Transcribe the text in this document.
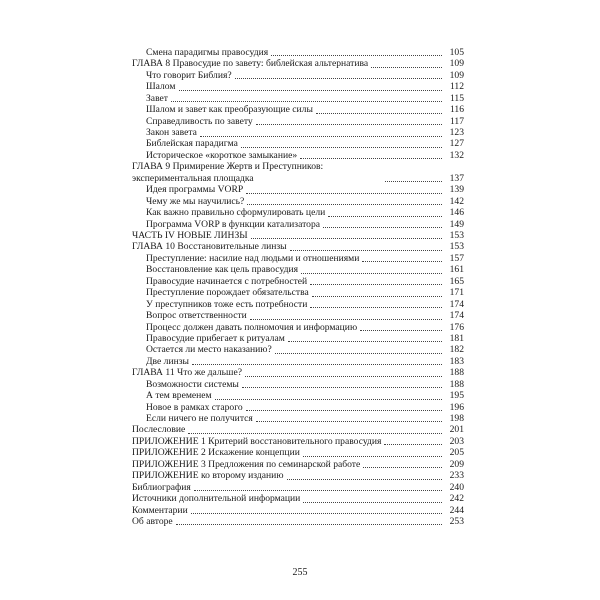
Смена парадигмы правосудия	105
ГЛАВА 8 Правосудие по завету: библейская альтернатива	109
Что говорит Библия?	109
Шалом	112
Завет	115
Шалом и завет как преобразующие силы	116
Справедливость по завету	117
Закон завета	123
Библейская парадигма	127
Историческое «короткое замыкание»	132
ГЛАВА 9 Примирение Жертв и Преступников: экспериментальная площадка	137
Идея программы VORP	139
Чему же мы научились?	142
Как важно правильно сформулировать цели	146
Программа VORP в функции катализатора	149
ЧАСТЬ IV НОВЫЕ ЛИНЗЫ	153
ГЛАВА 10 Восстановительные линзы	153
Преступление: насилие над людьми и отношениями	157
Восстановление как цель правосудия	161
Правосудие начинается с потребностей	165
Преступление порождает обязательства	171
У преступников тоже есть потребности	174
Вопрос ответственности	174
Процесс должен давать полномочия и информацию	176
Правосудие прибегает к ритуалам	181
Остается ли место наказанию?	182
Две линзы	183
ГЛАВА 11 Что же дальше?	188
Возможности системы	188
А тем временем	195
Новое в рамках старого	196
Если ничего не получится	198
Послесловие	201
ПРИЛОЖЕНИЕ 1 Критерий восстановительного правосудия	203
ПРИЛОЖЕНИЕ 2 Искажение концепции	205
ПРИЛОЖЕНИЕ 3 Предложения по семинарской работе	209
ПРИЛОЖЕНИЕ ко второму изданию	233
Библиография	240
Источники дополнительной информации	242
Комментарии	244
Об авторе	253
255
